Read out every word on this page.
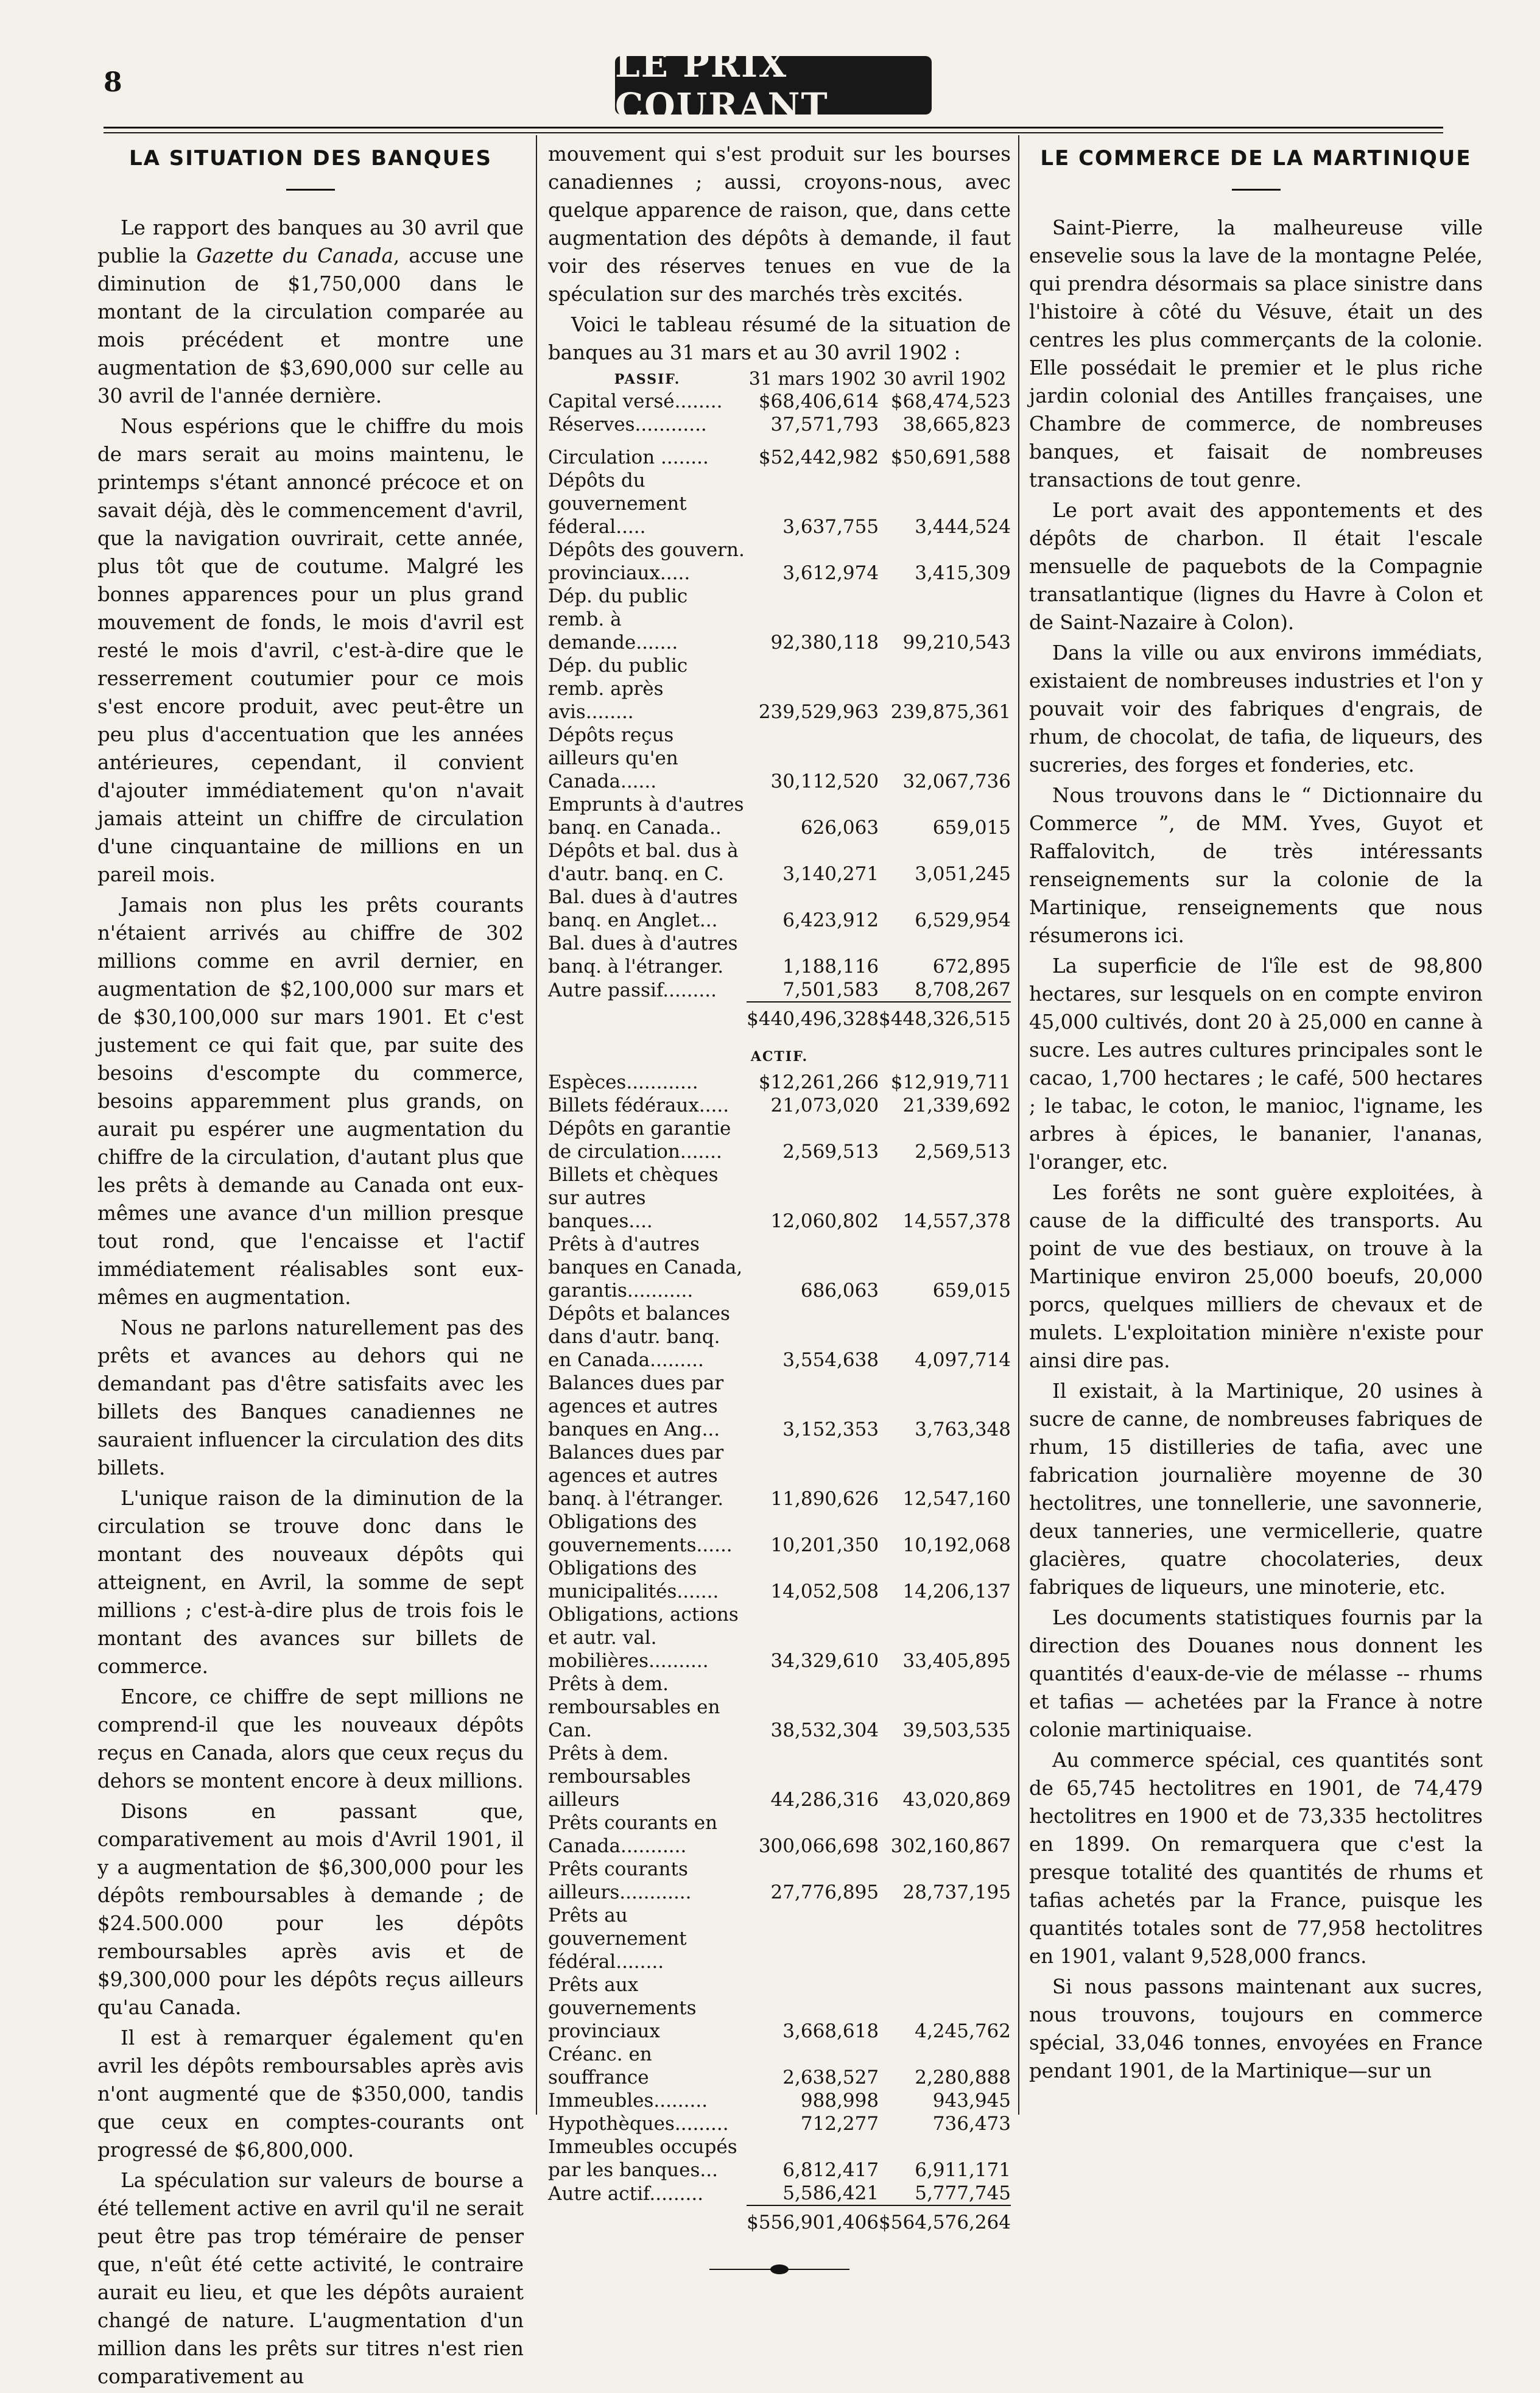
8	LE PRIX COURANT
LA SITUATION DES BANQUES

Le rapport des banques au 30 avril que publie la Gazette du Canada, accuse une diminution de $1,750,000 dans le montant de la circulation comparée au mois précédent et montre une augmentation de $3,690,000 sur celle au 30 avril de l'année dernière.

Nous espérions que le chiffre du mois de mars serait au moins maintenu, le printemps s'étant annoncé précoce et on savait déjà, dès le commencement d'avril, que la navigation ouvrirait, cette année, plus tôt que de coutume. Malgré les bonnes apparences pour un plus grand mouvement de fonds, le mois d'avril est resté le mois d'avril, c'est-à-dire que le resserrement coutumier pour ce mois s'est encore produit, avec peut-être un peu plus d'accentuation que les années antérieures, cependant, il convient d'ajouter immédiatement qu'on n'avait jamais atteint un chiffre de circulation d'une cinquantaine de millions en un pareil mois.

Jamais non plus les prêts courants n'étaient arrivés au chiffre de 302 millions comme en avril dernier, en augmentation de $2,100,000 sur mars et de $30,100,000 sur mars 1901. Et c'est justement ce qui fait que, par suite des besoins d'escompte du commerce, besoins apparemment plus grands, on aurait pu espérer une augmentation du chiffre de la circulation, d'autant plus que les prêts à demande au Canada ont eux-mêmes une avance d'un million presque tout rond, que l'encaisse et l'actif immédiatement réalisables sont eux-mêmes en augmentation.

Nous ne parlons naturellement pas des prêts et avances au dehors qui ne demandant pas d'être satisfaits avec les billets des Banques canadiennes ne sauraient influencer la circulation des dits billets.

L'unique raison de la diminution de la circulation se trouve donc dans le montant des nouveaux dépôts qui atteignent, en Avril, la somme de sept millions ; c'est-à-dire plus de trois fois le montant des avances sur billets de commerce.

Encore, ce chiffre de sept millions ne comprend-il que les nouveaux dépôts reçus en Canada, alors que ceux reçus du dehors se montent encore à deux millions.

Disons en passant que, comparativement au mois d'Avril 1901, il y a augmentation de $6,300,000 pour les dépôts remboursables à demande ; de $24.500.000 pour les dépôts remboursables après avis et de $9,300,000 pour les dépôts reçus ailleurs qu'au Canada.

Il est à remarquer également qu'en avril les dépôts remboursables après avis n'ont augmenté que de $350,000, tandis que ceux en comptes-courants ont progressé de $6,800,000.

La spéculation sur valeurs de bourse a été tellement active en avril qu'il ne serait peut être pas trop téméraire de penser que, n'eût été cette activité, le contraire aurait eu lieu, et que les dépôts auraient changé de nature. L'augmentation d'un million dans les prêts sur titres n'est rien comparativement au

mouvement qui s'est produit sur les bourses canadiennes ; aussi, croyons-nous, avec quelque apparence de raison, que, dans cette augmentation des dépôts à demande, il faut voir des réserves tenues en vue de la spéculation sur des marchés très excités.

Voici le tableau résumé de la situation de banques au 31 mars et au 30 avril 1902 :

PASSIF.	31 mars 1902	30 avril 1902
Capital versé........	$68,406,614	$68,474,523
Réserves............	37,571,793	38,665,823

Circulation ........	$52,442,982	$50,691,588
Dépôts du gouvernement féderal.....	3,637,755	3,444,524
Dépôts des gouvern. provinciaux.....	3,612,974	3,415,309
Dép. du public remb. à demande.......	92,380,118	99,210,543
Dép. du public remb. après avis........	239,529,963	239,875,361
Dépôts reçus ailleurs qu'en Canada......	30,112,520	32,067,736
Emprunts à d'autres banq. en Canada..	626,063	659,015
Dépôts et bal. dus à d'autr. banq. en C.	3,140,271	3,051,245
Bal. dues à d'autres banq. en Anglet...	6,423,912	6,529,954
Bal. dues à d'autres banq. à l'étranger.	1,188,116	672,895
Autre passif.........	7,501,583	8,708,267
	$440,496,328	$448,326,515
ACTIF.		
Espèces............	$12,261,266	$12,919,711
Billets fédéraux.....	21,073,020	21,339,692
Dépôts en garantie de circulation.......	2,569,513	2,569,513
Billets et chèques sur autres banques....	12,060,802	14,557,378
Prêts à d'autres banques en Canada, garantis...........	686,063	659,015
Dépôts et balances dans d'autr. banq. en Canada.........	3,554,638	4,097,714
Balances dues par agences et autres banques en Ang...	3,152,353	3,763,348
Balances dues par agences et autres banq. à l'étranger.	11,890,626	12,547,160
Obligations des gouvernements......	10,201,350	10,192,068
Obligations des municipalités.......	14,052,508	14,206,137
Obligations, actions et autr. val. mobilières..........	34,329,610	33,405,895
Prêts à dem. remboursables en Can.	38,532,304	39,503,535
Prêts à dem. remboursables ailleurs	44,286,316	43,020,869
Prêts courants en Canada...........	300,066,698	302,160,867
Prêts courants ailleurs............	27,776,895	28,737,195
Prêts au gouvernement fédéral........		
Prêts aux gouvernements provinciaux	3,668,618	4,245,762
Créanc. en souffrance	2,638,527	2,280,888
Immeubles.........	988,998	943,945
Hypothèques.........	712,277	736,473
Immeubles occupés par les banques...	6,812,417	6,911,171
Autre actif.........	5,586,421	5,777,745
	$556,901,406	$564,576,264
LE COMMERCE DE LA MARTINIQUE

Saint-Pierre, la malheureuse ville ensevelie sous la lave de la montagne Pelée, qui prendra désormais sa place sinistre dans l'histoire à côté du Vésuve, était un des centres les plus commerçants de la colonie. Elle possédait le premier et le plus riche jardin colonial des Antilles françaises, une Chambre de commerce, de nombreuses banques, et faisait de nombreuses transactions de tout genre.

Le port avait des appontements et des dépôts de charbon. Il était l'escale mensuelle de paquebots de la Compagnie transatlantique (lignes du Havre à Colon et de Saint-Nazaire à Colon).

Dans la ville ou aux environs immédiats, existaient de nombreuses industries et l'on y pouvait voir des fabriques d'engrais, de rhum, de chocolat, de tafia, de liqueurs, des sucreries, des forges et fonderies, etc.

Nous trouvons dans le “ Dictionnaire du Commerce ”, de MM. Yves, Guyot et Raffalovitch, de très intéressants renseignements sur la colonie de la Martinique, renseignements que nous résumerons ici.

La superficie de l'île est de 98,800 hectares, sur lesquels on en compte environ 45,000 cultivés, dont 20 à 25,000 en canne à sucre. Les autres cultures principales sont le cacao, 1,700 hectares ; le café, 500 hectares ; le tabac, le coton, le manioc, l'igname, les arbres à épices, le bananier, l'ananas, l'oranger, etc.

Les forêts ne sont guère exploitées, à cause de la difficulté des transports. Au point de vue des bestiaux, on trouve à la Martinique environ 25,000 boeufs, 20,000 porcs, quelques milliers de chevaux et de mulets. L'exploitation minière n'existe pour ainsi dire pas.

Il existait, à la Martinique, 20 usines à sucre de canne, de nombreuses fabriques de rhum, 15 distilleries de tafia, avec une fabrication journalière moyenne de 30 hectolitres, une tonnellerie, une savonnerie, deux tanneries, une vermicellerie, quatre glacières, quatre chocolateries, deux fabriques de liqueurs, une minoterie, etc.

Les documents statistiques fournis par la direction des Douanes nous donnent les quantités d'eaux-de-vie de mélasse -- rhums et tafias — achetées par la France à notre colonie martiniquaise.

Au commerce spécial, ces quantités sont de 65,745 hectolitres en 1901, de 74,479 hectolitres en 1900 et de 73,335 hectolitres en 1899. On remarquera que c'est la presque totalité des quantités de rhums et tafias achetés par la France, puisque les quantités totales sont de 77,958 hectolitres en 1901, valant 9,528,000 francs.

Si nous passons maintenant aux sucres, nous trouvons, toujours en commerce spécial, 33,046 tonnes, envoyées en France pendant 1901, de la Martinique—sur un
